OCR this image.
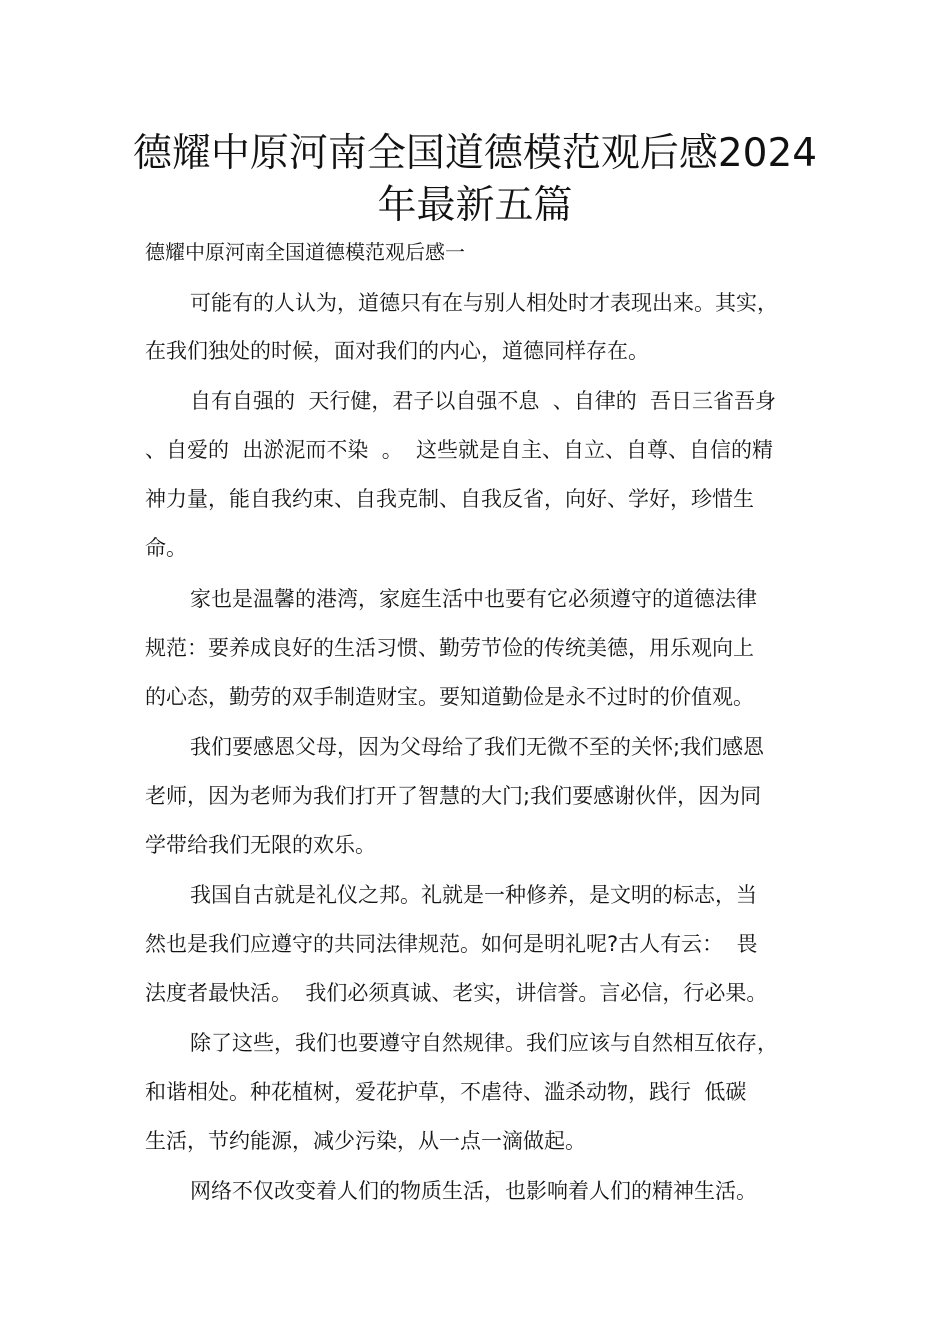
德耀中原河南全国道德模范观后感2024
年最新五篇

德耀中原河南全国道德模范观后感一

可能有的人认为，道德只有在与别人相处时才表现出来。其实，

在我们独处的时候，面对我们的内心，道德同样存在。

自有自强的  天行健，君子以自强不息  、自律的  吾日三省吾身

、自爱的  出淤泥而不染  。  这些就是自主、自立、自尊、自信的精

神力量，能自我约束、自我克制、自我反省，向好、学好，珍惜生

命。

家也是温馨的港湾，家庭生活中也要有它必须遵守的道德法律

规范：要养成良好的生活习惯、勤劳节俭的传统美德，用乐观向上

的心态，勤劳的双手制造财宝。要知道勤俭是永不过时的价值观。

我们要感恩父母，因为父母给了我们无微不至的关怀;我们感恩

老师，因为老师为我们打开了智慧的大门;我们要感谢伙伴，因为同

学带给我们无限的欢乐。

我国自古就是礼仪之邦。礼就是一种修养，是文明的标志，当

然也是我们应遵守的共同法律规范。如何是明礼呢?古人有云：  畏

法度者最快活。  我们必须真诚、老实，讲信誉。言必信，行必果。

除了这些，我们也要遵守自然规律。我们应该与自然相互依存，

和谐相处。种花植树，爱花护草，不虐待、滥杀动物，践行  低碳

生活，节约能源，减少污染，从一点一滴做起。

网络不仅改变着人们的物质生活，也影响着人们的精神生活。
